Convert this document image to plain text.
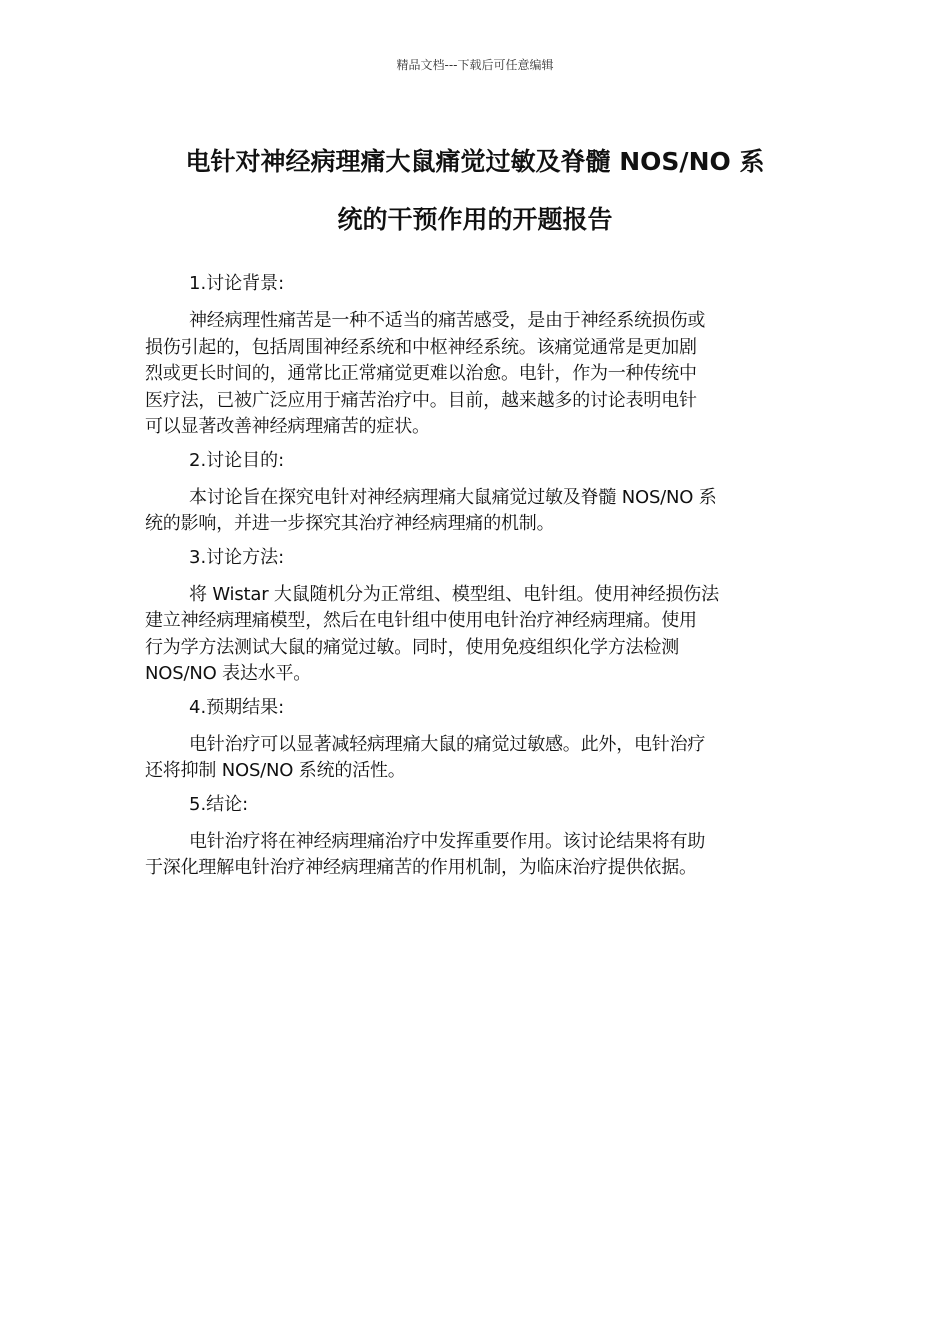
精品文档---下载后可任意编辑
电针对神经病理痛大鼠痛觉过敏及脊髓 NOS/NO 系
统的干预作用的开题报告

1.讨论背景:

神经病理性痛苦是一种不适当的痛苦感受，是由于神经系统损伤或
损伤引起的，包括周围神经系统和中枢神经系统。该痛觉通常是更加剧
烈或更长时间的，通常比正常痛觉更难以治愈。电针，作为一种传统中
医疗法，已被广泛应用于痛苦治疗中。目前，越来越多的讨论表明电针
可以显著改善神经病理痛苦的症状。

2.讨论目的:

本讨论旨在探究电针对神经病理痛大鼠痛觉过敏及脊髓 NOS/NO 系
统的影响，并进一步探究其治疗神经病理痛的机制。

3.讨论方法:

将 Wistar 大鼠随机分为正常组、模型组、电针组。使用神经损伤法
建立神经病理痛模型，然后在电针组中使用电针治疗神经病理痛。使用
行为学方法测试大鼠的痛觉过敏。同时，使用免疫组织化学方法检测
NOS/NO 表达水平。

4.预期结果:

电针治疗可以显著减轻病理痛大鼠的痛觉过敏感。此外，电针治疗
还将抑制 NOS/NO 系统的活性。

5.结论:

电针治疗将在神经病理痛治疗中发挥重要作用。该讨论结果将有助
于深化理解电针治疗神经病理痛苦的作用机制，为临床治疗提供依据。
